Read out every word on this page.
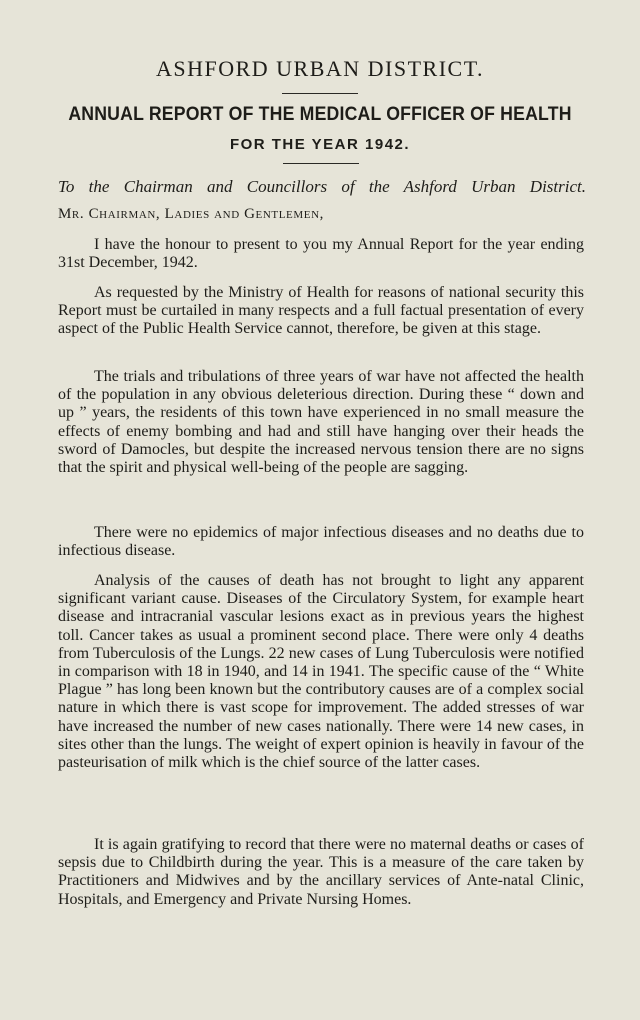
ASHFORD URBAN DISTRICT.
ANNUAL REPORT OF THE MEDICAL OFFICER OF HEALTH
FOR THE YEAR 1942.
To the Chairman and Councillors of the Ashford Urban District.
Mr. Chairman, Ladies and Gentlemen,
I have the honour to present to you my Annual Report for the year ending 31st December, 1942.
As requested by the Ministry of Health for reasons of national security this Report must be curtailed in many respects and a full factual presentation of every aspect of the Public Health Service cannot, therefore, be given at this stage.
The trials and tribulations of three years of war have not affected the health of the population in any obvious deleterious direction. During these “ down and up ” years, the residents of this town have experienced in no small measure the effects of enemy bombing and had and still have hanging over their heads the sword of Damocles, but despite the increased nervous tension there are no signs that the spirit and physical well-being of the people are sagging.
There were no epidemics of major infectious diseases and no deaths due to infectious disease.
Analysis of the causes of death has not brought to light any apparent significant variant cause. Diseases of the Circulatory System, for example heart disease and intracranial vascular lesions exact as in previous years the highest toll. Cancer takes as usual a prominent second place. There were only 4 deaths from Tuberculosis of the Lungs. 22 new cases of Lung Tuberculosis were notified in comparison with 18 in 1940, and 14 in 1941. The specific cause of the “ White Plague ” has long been known but the contributory causes are of a complex social nature in which there is vast scope for improvement. The added stresses of war have increased the number of new cases nationally. There were 14 new cases, in sites other than the lungs. The weight of expert opinion is heavily in favour of the pasteurisation of milk which is the chief source of the latter cases.
It is again gratifying to record that there were no maternal deaths or cases of sepsis due to Childbirth during the year. This is a measure of the care taken by Practitioners and Midwives and by the ancillary services of Ante-natal Clinic, Hospitals, and Emergency and Private Nursing Homes.
